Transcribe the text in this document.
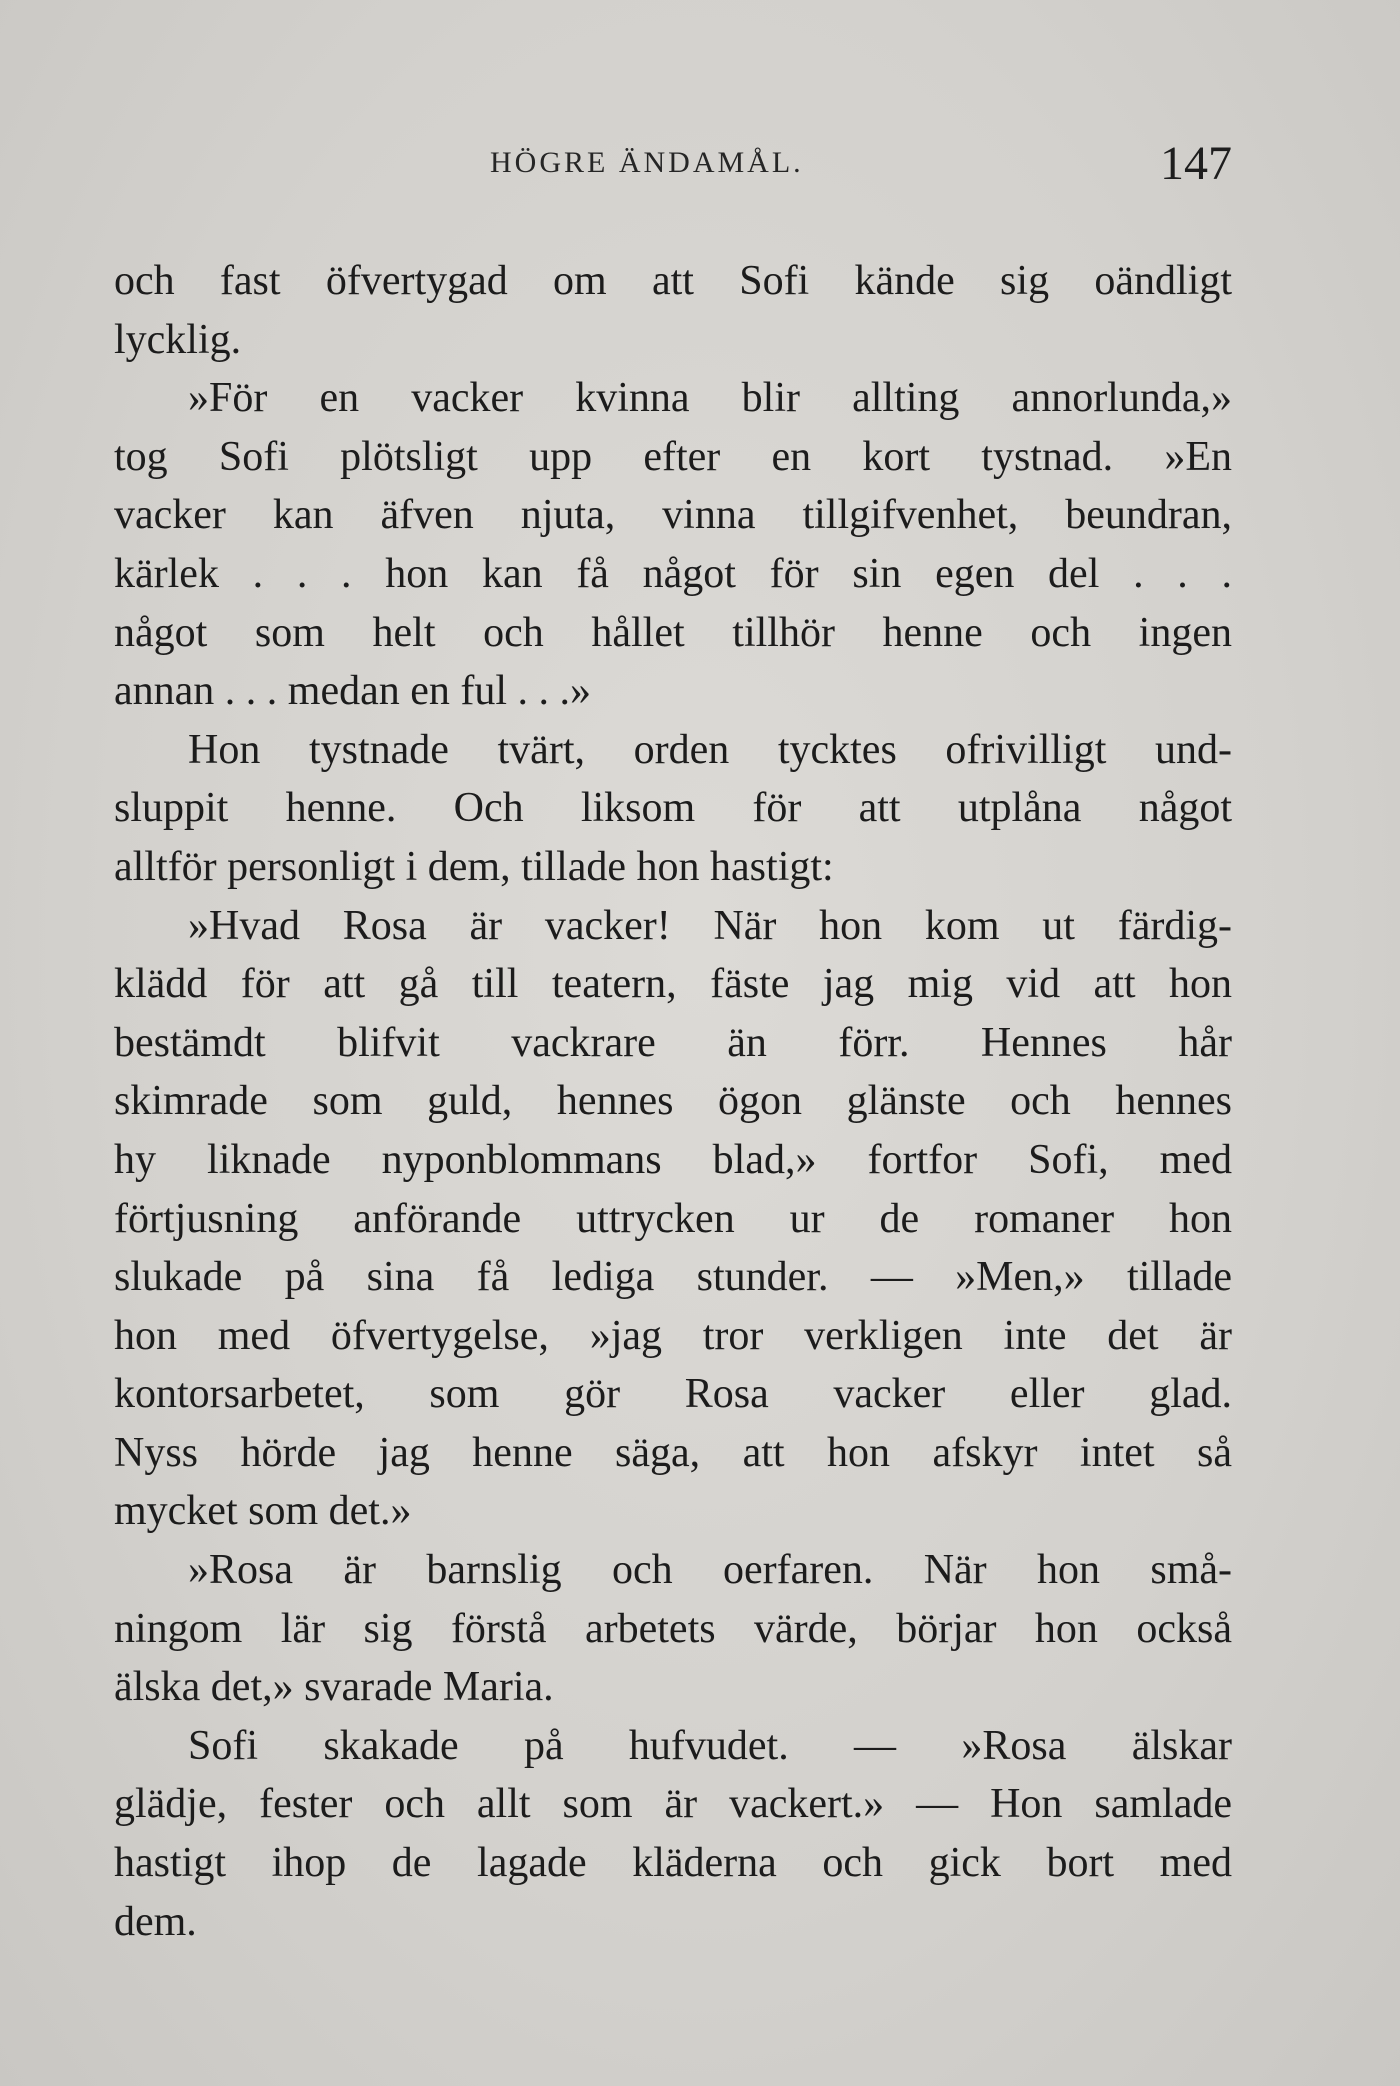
HÖGRE ÄNDAMÅL.	147
och fast öfvertygad om att Sofi kände sig oändligt
lycklig.
»För en vacker kvinna blir allting annorlunda,»
tog Sofi plötsligt upp efter en kort tystnad. »En
vacker kan äfven njuta, vinna tillgifvenhet, beundran,
kärlek . . . hon kan få något för sin egen del . . .
något som helt och hållet tillhör henne och ingen
annan . . . medan en ful . . .»
Hon tystnade tvärt, orden tycktes ofrivilligt und-
sluppit henne. Och liksom för att utplåna något
alltför personligt i dem, tillade hon hastigt:
»Hvad Rosa är vacker! När hon kom ut färdig-
klädd för att gå till teatern, fäste jag mig vid att hon
bestämdt blifvit vackrare än förr. Hennes hår
skimrade som guld, hennes ögon glänste och hennes
hy liknade nyponblommans blad,» fortfor Sofi, med
förtjusning anförande uttrycken ur de romaner hon
slukade på sina få lediga stunder. — »Men,» tillade
hon med öfvertygelse, »jag tror verkligen inte det är
kontorsarbetet, som gör Rosa vacker eller glad.
Nyss hörde jag henne säga, att hon afskyr intet så
mycket som det.»
»Rosa är barnslig och oerfaren. När hon små-
ningom lär sig förstå arbetets värde, börjar hon också
älska det,» svarade Maria.
Sofi skakade på hufvudet. — »Rosa älskar
glädje, fester och allt som är vackert.» — Hon samlade
hastigt ihop de lagade kläderna och gick bort med
dem.
